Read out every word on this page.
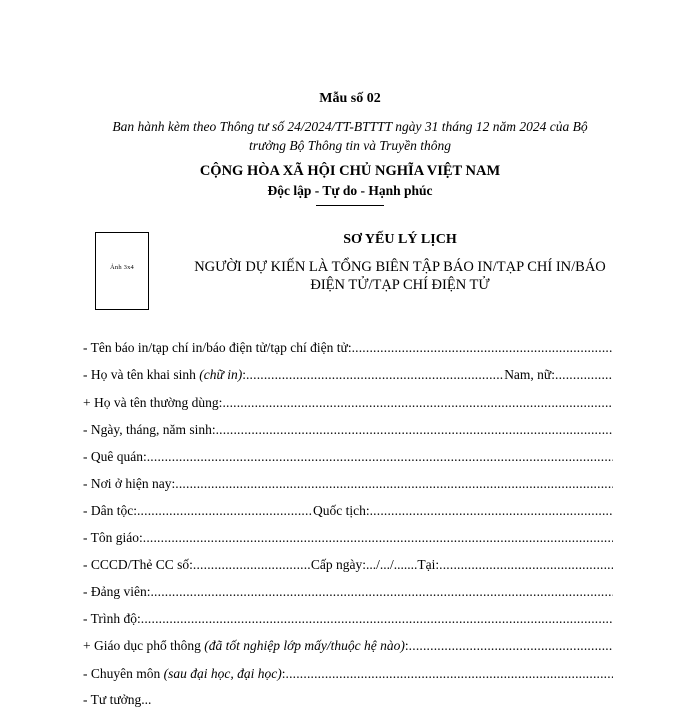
Mẫu số 02
Ban hành kèm theo Thông tư số 24/2024/TT-BTTTT ngày 31 tháng 12 năm 2024 của Bộ
trưởng Bộ Thông tin và Truyền thông
CỘNG HÒA XÃ HỘI CHỦ NGHĨA VIỆT NAM
Độc lập - Tự do - Hạnh phúc
Ảnh 3x4
SƠ YẾU LÝ LỊCH
NGƯỜI DỰ KIẾN LÀ TỔNG BIÊN TẬP BÁO IN/TẠP CHÍ IN/BÁO
ĐIỆN TỬ/TẠP CHÍ ĐIỆN TỬ
- Tên báo in/tạp chí in/báo điện tử/tạp chí điện tử:
.....
- Họ và tên khai sinh (chữ in): .....	Nam, nữ:
.....
+ Họ và tên thường dùng:
.....
- Ngày, tháng, năm sinh:
.....
- Quê quán:
.....
- Nơi ở hiện nay:
.....
- Dân tộc: .....	Quốc tịch:
.....
- Tôn giáo:
.....
- CCCD/Thẻ CC số: .....	Cấp ngày:.../.../....... Tại:
.....
- Đảng viên:
.....
- Trình độ:
.....
+ Giáo dục phổ thông (đã tốt nghiệp lớp mấy/thuộc hệ nào):
.....
- Chuyên môn (sau đại học, đại học):
.....
- Tư tưởng...
